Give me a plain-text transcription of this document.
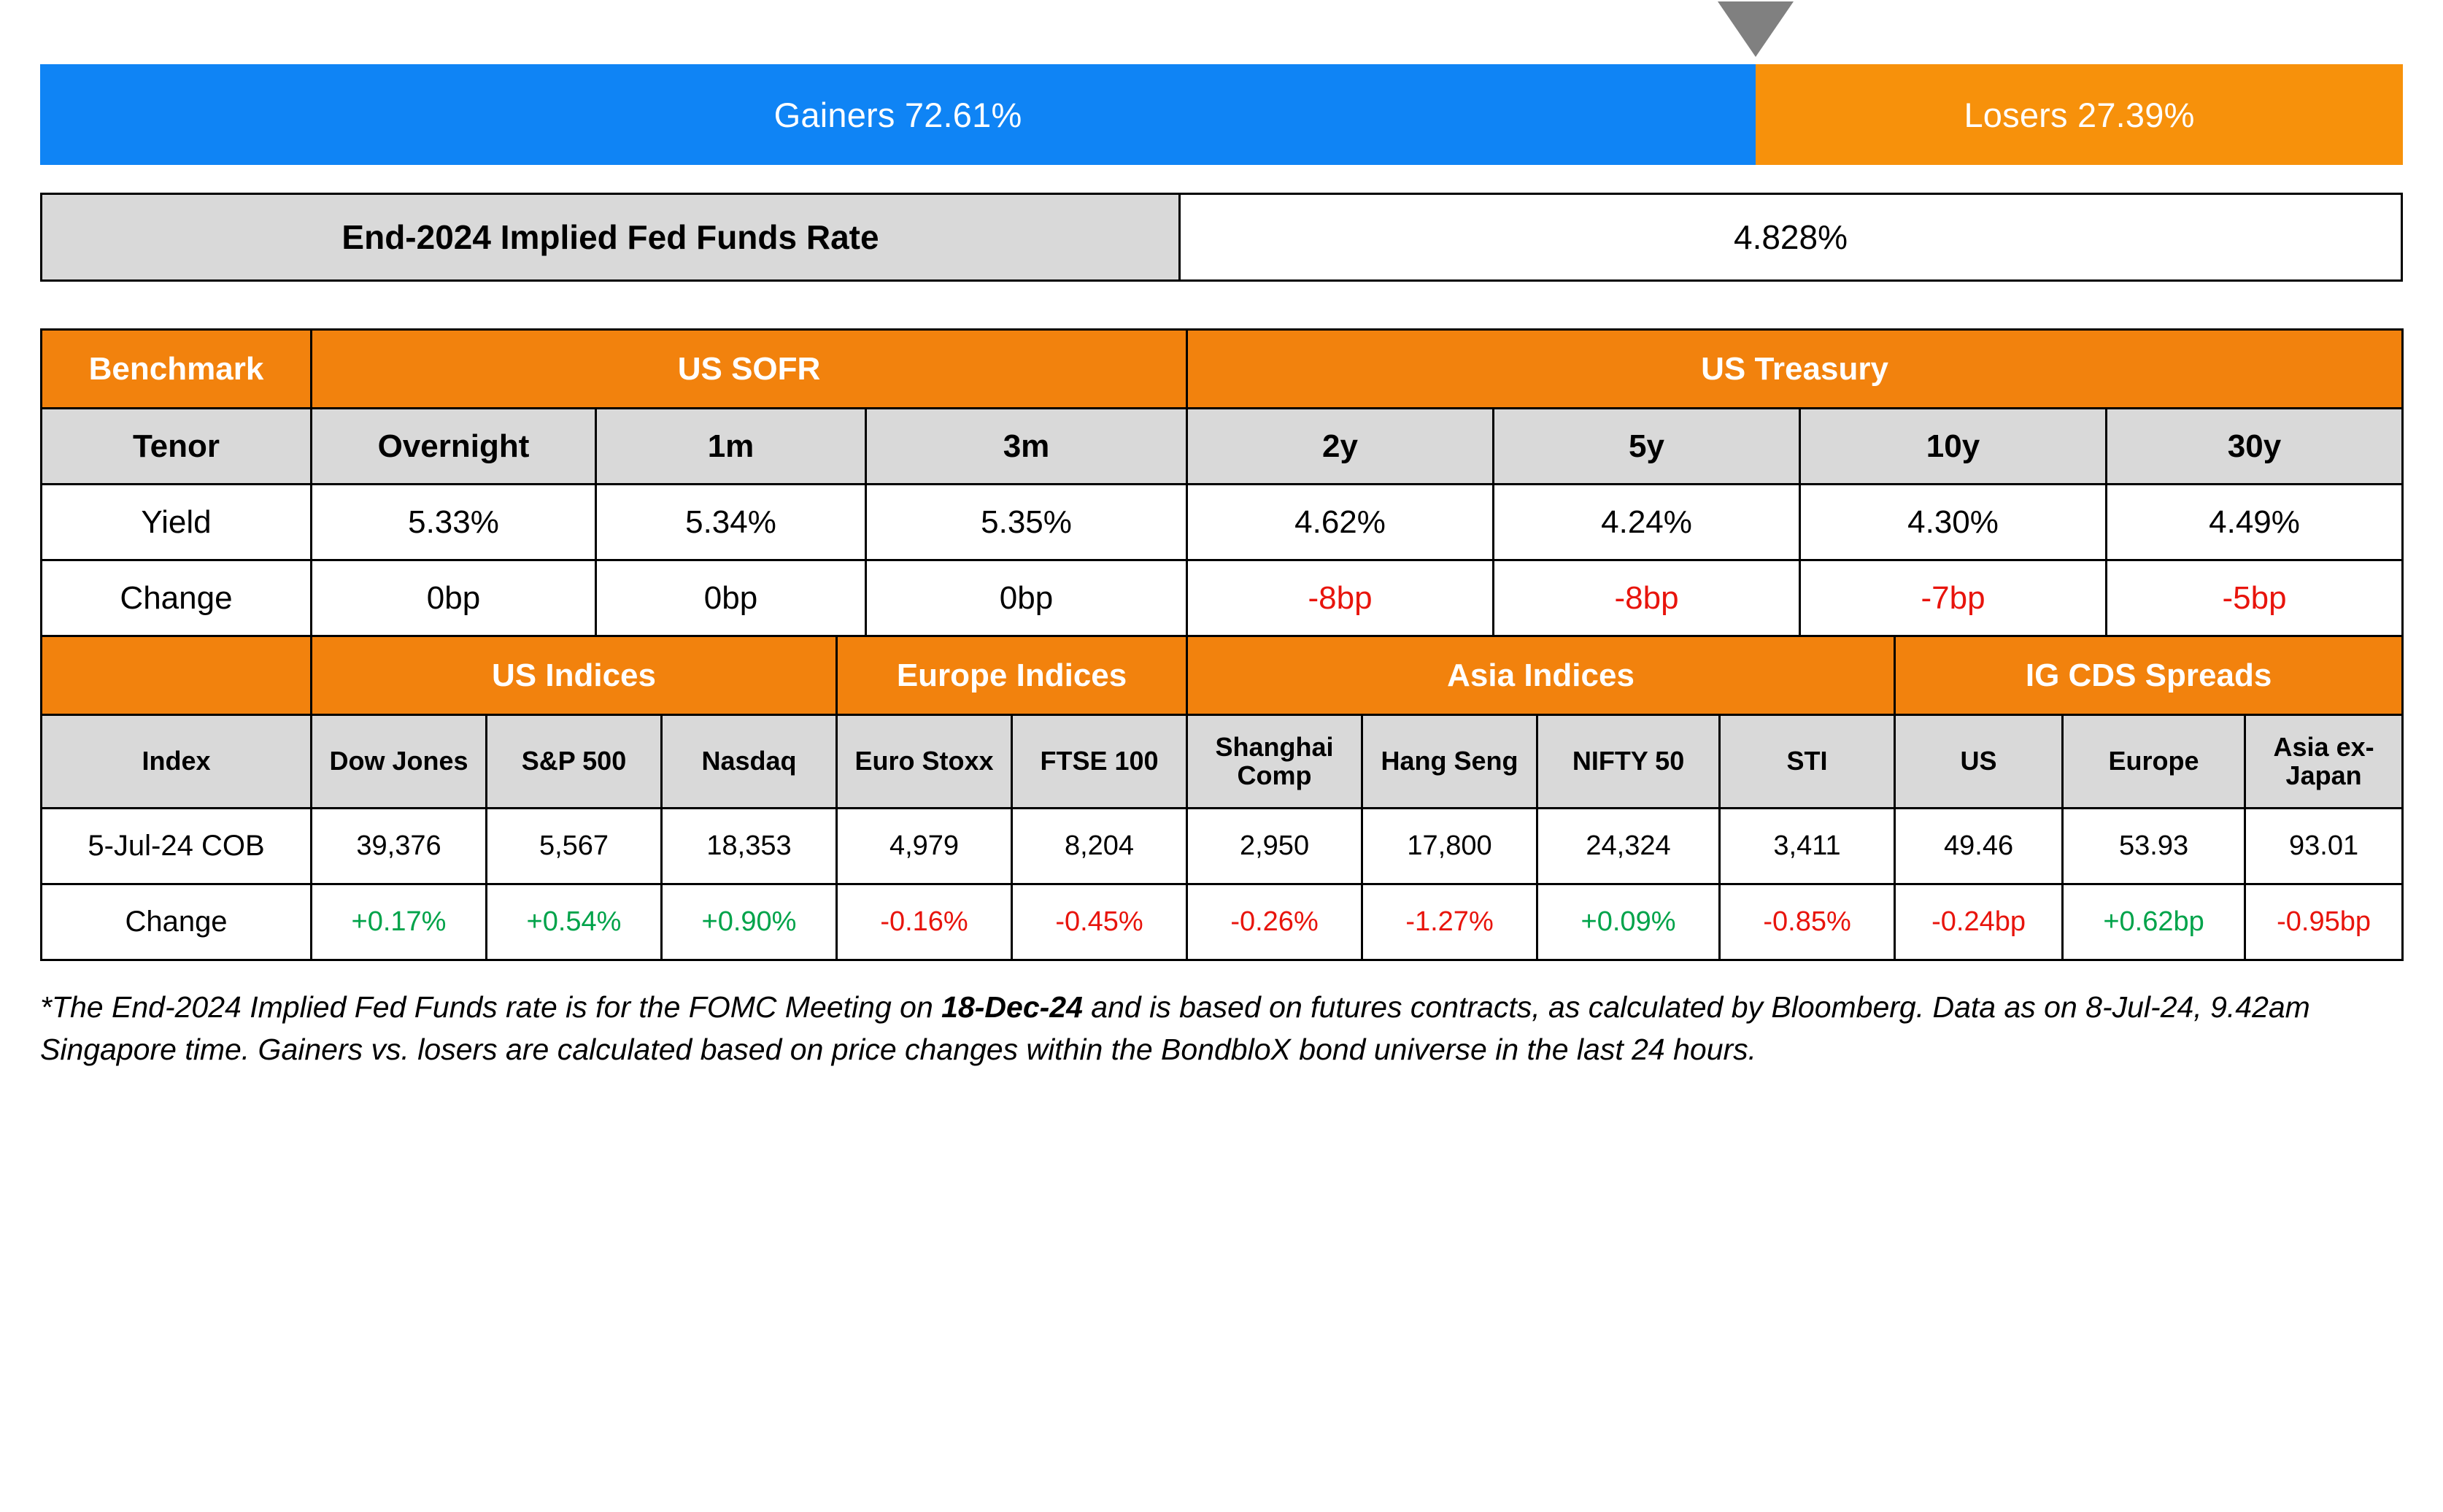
Gainers 72.61%	Losers 27.39%
End-2024 Implied Fed Funds Rate	4.828%
Benchmark	US SOFR			US Treasury			
Tenor	Overnight	1m	3m	2y	5y	10y	30y
Yield	5.33%	5.34%	5.35%	4.62%	4.24%	4.30%	4.49%
Change	0bp	0bp	0bp	-8bp	-8bp	-7bp	-5bp
	US Indices			Europe Indices		Asia Indices				IG CDS Spreads		
Index	Dow Jones	S&P 500	Nasdaq	Euro Stoxx	FTSE 100	Shanghai Comp	Hang Seng	NIFTY 50	STI	US	Europe	Asia ex-Japan
5-Jul-24 COB	39,376	5,567	18,353	4,979	8,204	2,950	17,800	24,324	3,411	49.46	53.93	93.01
Change	+0.17%	+0.54%	+0.90%	-0.16%	-0.45%	-0.26%	-1.27%	+0.09%	-0.85%	-0.24bp	+0.62bp	-0.95bp
*The End-2024 Implied Fed Funds rate is for the FOMC Meeting on 18-Dec-24 and is based on futures contracts, as calculated by Bloomberg. Data as on 8-Jul-24, 9.42am Singapore time. Gainers vs. losers are calculated based on price changes within the BondbloX bond universe in the last 24 hours.
